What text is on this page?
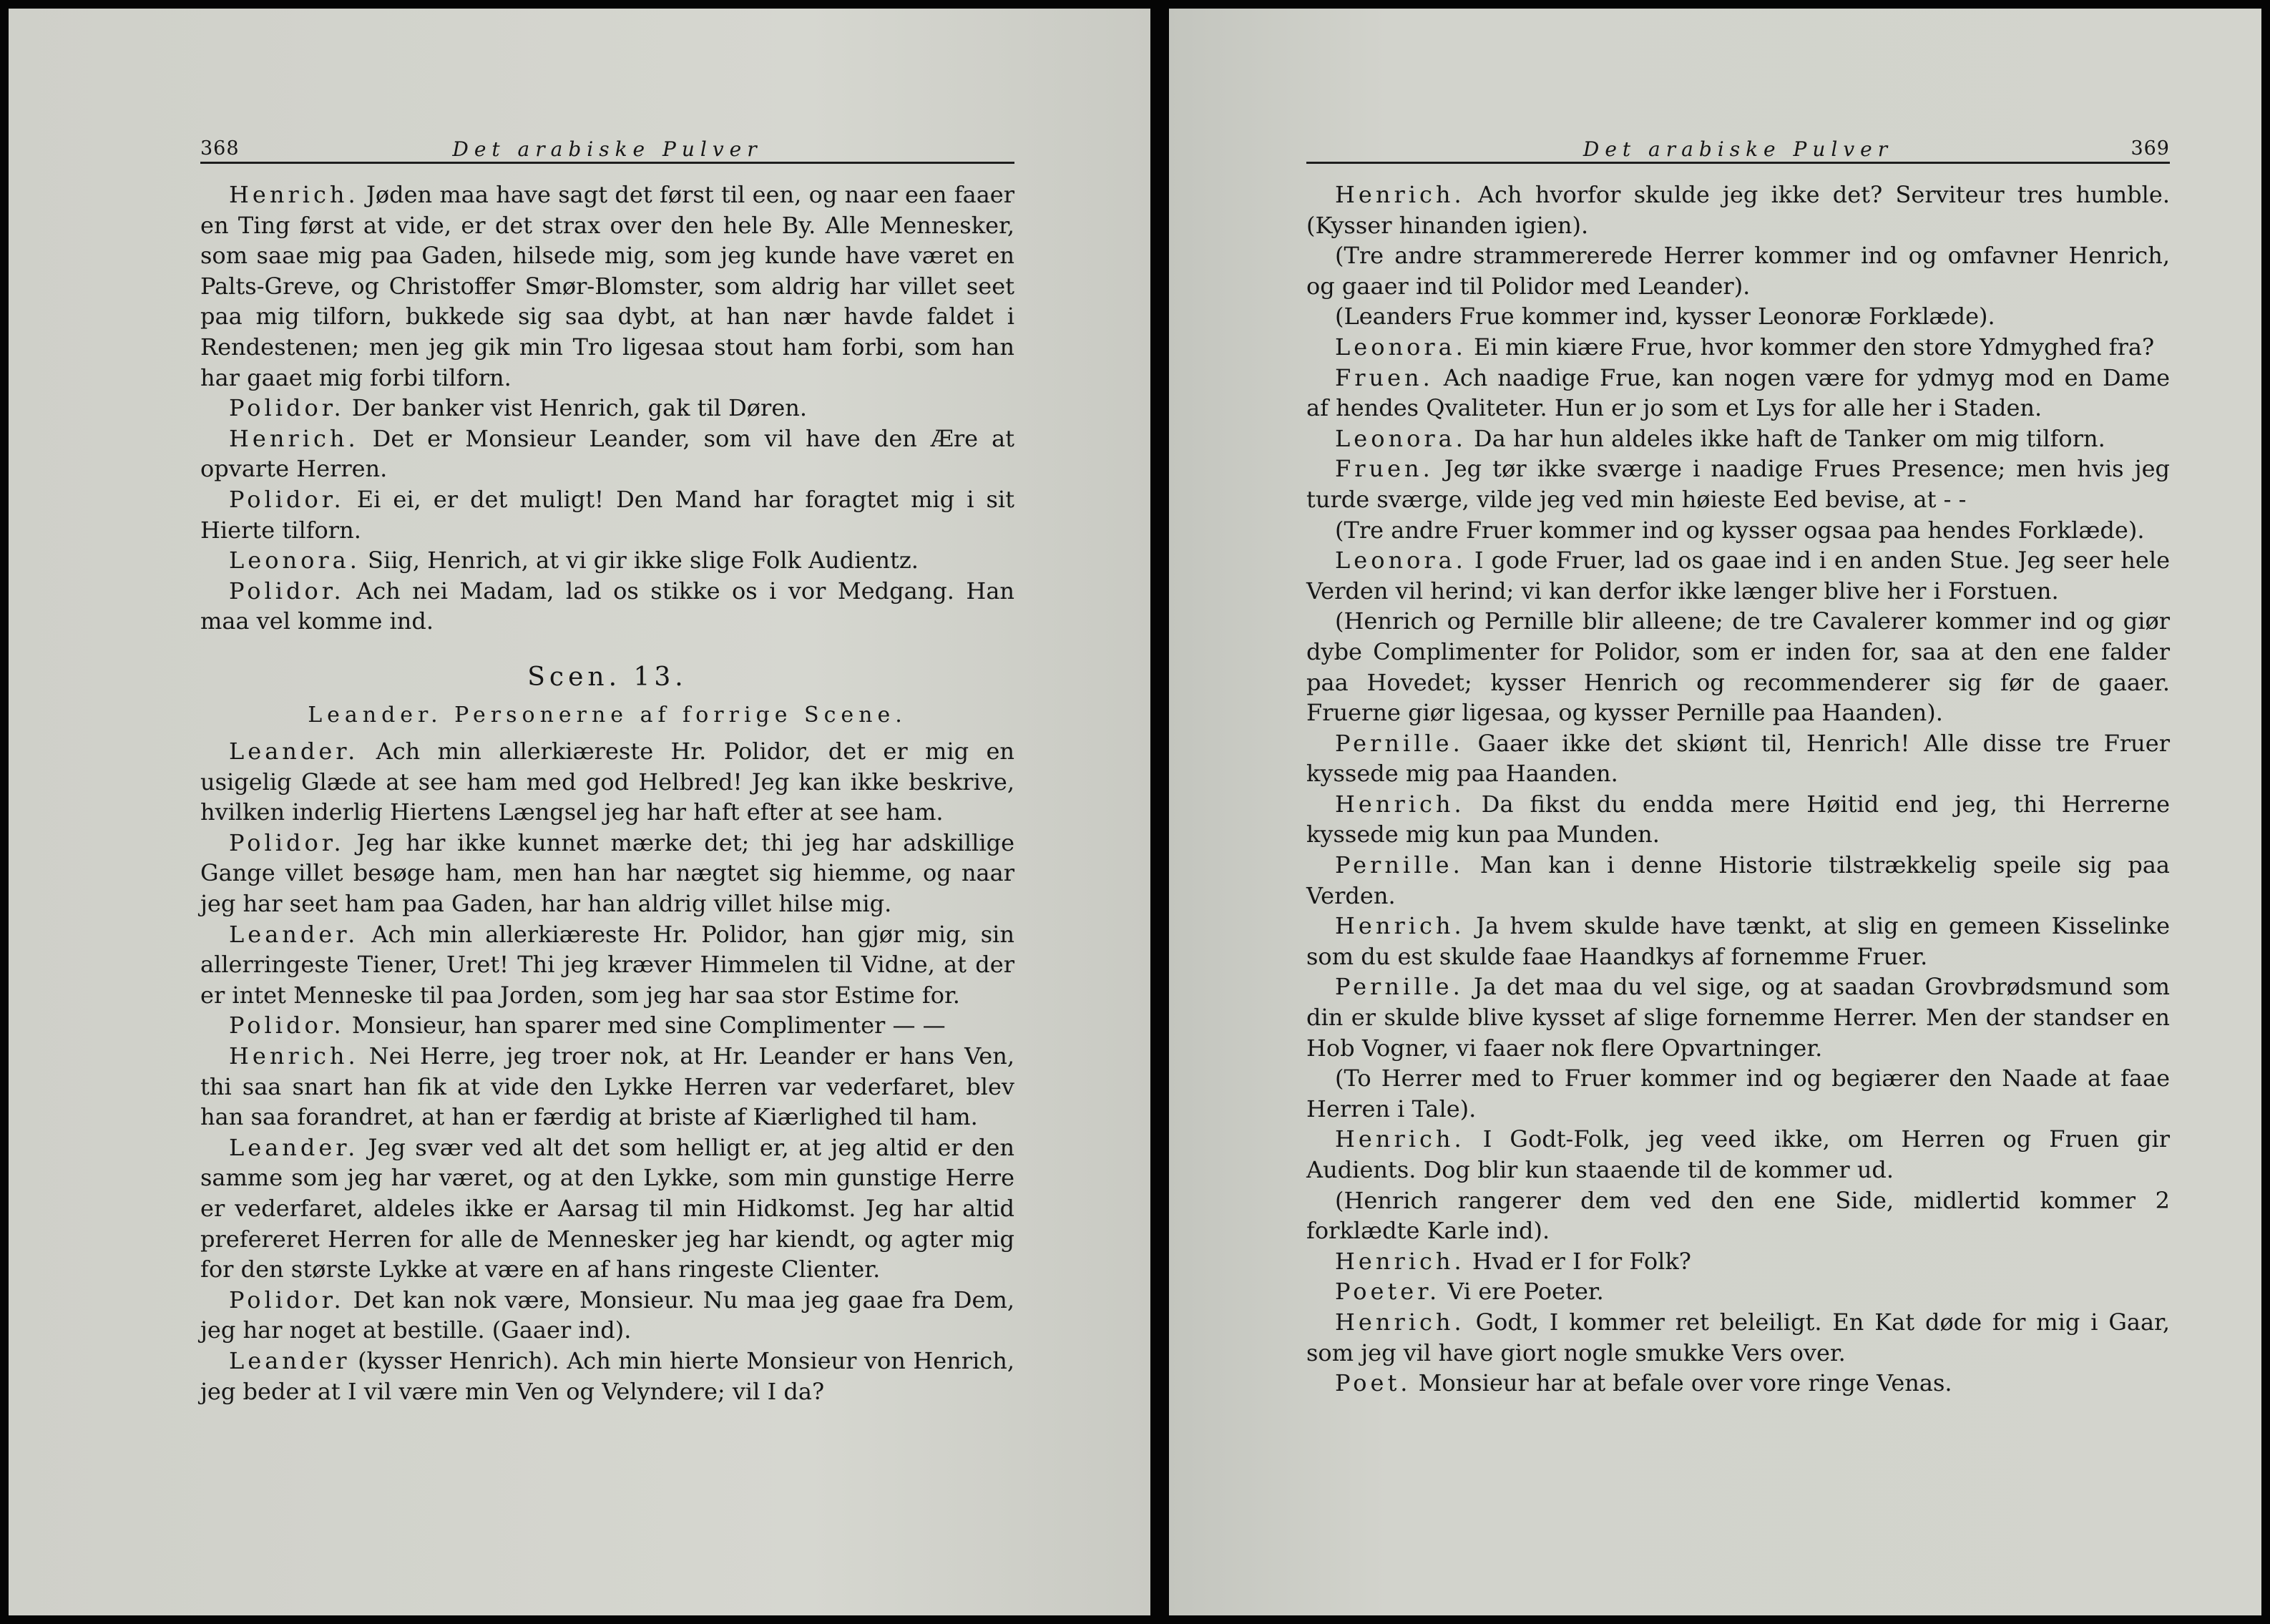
368	Det arabiske Pulver

Henrich. Jøden maa have sagt det først til een, og naar een faaer en Ting først at vide, er det strax over den hele By. Alle Mennesker, som saae mig paa Gaden, hilsede mig, som jeg kunde have været en Palts-Greve, og Christoffer Smør-Blomster, som aldrig har villet seet paa mig tilforn, bukkede sig saa dybt, at han nær havde faldet i Rendestenen; men jeg gik min Tro ligesaa stout ham forbi, som han har gaaet mig forbi tilforn.

Polidor. Der banker vist Henrich, gak til Døren.

Henrich. Det er Monsieur Leander, som vil have den Ære at opvarte Herren.

Polidor. Ei ei, er det muligt! Den Mand har foragtet mig i sit Hierte tilforn.

Leonora. Siig, Henrich, at vi gir ikke slige Folk Audientz.

Polidor. Ach nei Madam, lad os stikke os i vor Medgang. Han maa vel komme ind.

Scen. 13.
Leander. Personerne af forrige Scene.

Leander. Ach min allerkiæreste Hr. Polidor, det er mig en usigelig Glæde at see ham med god Helbred! Jeg kan ikke beskrive, hvilken inderlig Hiertens Længsel jeg har haft efter at see ham.

Polidor. Jeg har ikke kunnet mærke det; thi jeg har adskillige Gange villet besøge ham, men han har nægtet sig hiemme, og naar jeg har seet ham paa Gaden, har han aldrig villet hilse mig.

Leander. Ach min allerkiæreste Hr. Polidor, han gjør mig, sin allerringeste Tiener, Uret! Thi jeg kræver Himmelen til Vidne, at der er intet Menneske til paa Jorden, som jeg har saa stor Estime for.

Polidor. Monsieur, han sparer med sine Complimenter — —

Henrich. Nei Herre, jeg troer nok, at Hr. Leander er hans Ven, thi saa snart han fik at vide den Lykke Herren var vederfaret, blev han saa forandret, at han er færdig at briste af Kiærlighed til ham.

Leander. Jeg svær ved alt det som helligt er, at jeg altid er den samme som jeg har været, og at den Lykke, som min gunstige Herre er vederfaret, aldeles ikke er Aarsag til min Hidkomst. Jeg har altid prefereret Herren for alle de Mennesker jeg har kiendt, og agter mig for den største Lykke at være en af hans ringeste Clienter.

Polidor. Det kan nok være, Monsieur. Nu maa jeg gaae fra Dem, jeg har noget at bestille. (Gaaer ind).

Leander (kysser Henrich). Ach min hierte Monsieur von Henrich, jeg beder at I vil være min Ven og Velyndere; vil I da?

Det arabiske Pulver	369

Henrich. Ach hvorfor skulde jeg ikke det? Serviteur tres humble. (Kysser hinanden igien).

(Tre andre strammererede Herrer kommer ind og omfavner Henrich, og gaaer ind til Polidor med Leander).

(Leanders Frue kommer ind, kysser Leonoræ Forklæde).

Leonora. Ei min kiære Frue, hvor kommer den store Ydmyghed fra?

Fruen. Ach naadige Frue, kan nogen være for ydmyg mod en Dame af hendes Qvaliteter. Hun er jo som et Lys for alle her i Staden.

Leonora. Da har hun aldeles ikke haft de Tanker om mig tilforn.

Fruen. Jeg tør ikke sværge i naadige Frues Presence; men hvis jeg turde sværge, vilde jeg ved min høieste Eed bevise, at - -

(Tre andre Fruer kommer ind og kysser ogsaa paa hendes Forklæde).

Leonora. I gode Fruer, lad os gaae ind i en anden Stue. Jeg seer hele Verden vil herind; vi kan derfor ikke længer blive her i Forstuen.

(Henrich og Pernille blir alleene; de tre Cavalerer kommer ind og giør dybe Complimenter for Polidor, som er inden for, saa at den ene falder paa Hovedet; kysser Henrich og recommenderer sig før de gaaer. Fruerne giør ligesaa, og kysser Pernille paa Haanden).

Pernille. Gaaer ikke det skiønt til, Henrich! Alle disse tre Fruer kyssede mig paa Haanden.

Henrich. Da fikst du endda mere Høitid end jeg, thi Herrerne kyssede mig kun paa Munden.

Pernille. Man kan i denne Historie tilstrækkelig speile sig paa Verden.

Henrich. Ja hvem skulde have tænkt, at slig en gemeen Kisselinke som du est skulde faae Haandkys af fornemme Fruer.

Pernille. Ja det maa du vel sige, og at saadan Grovbrødsmund som din er skulde blive kysset af slige fornemme Herrer. Men der standser en Hob Vogner, vi faaer nok flere Opvartninger.

(To Herrer med to Fruer kommer ind og begiærer den Naade at faae Herren i Tale).

Henrich. I Godt-Folk, jeg veed ikke, om Herren og Fruen gir Audients. Dog blir kun staaende til de kommer ud.

(Henrich rangerer dem ved den ene Side, midlertid kommer 2 forklædte Karle ind).

Henrich. Hvad er I for Folk?

Poeter. Vi ere Poeter.

Henrich. Godt, I kommer ret beleiligt. En Kat døde for mig i Gaar, som jeg vil have giort nogle smukke Vers over.

Poet. Monsieur har at befale over vore ringe Venas.
